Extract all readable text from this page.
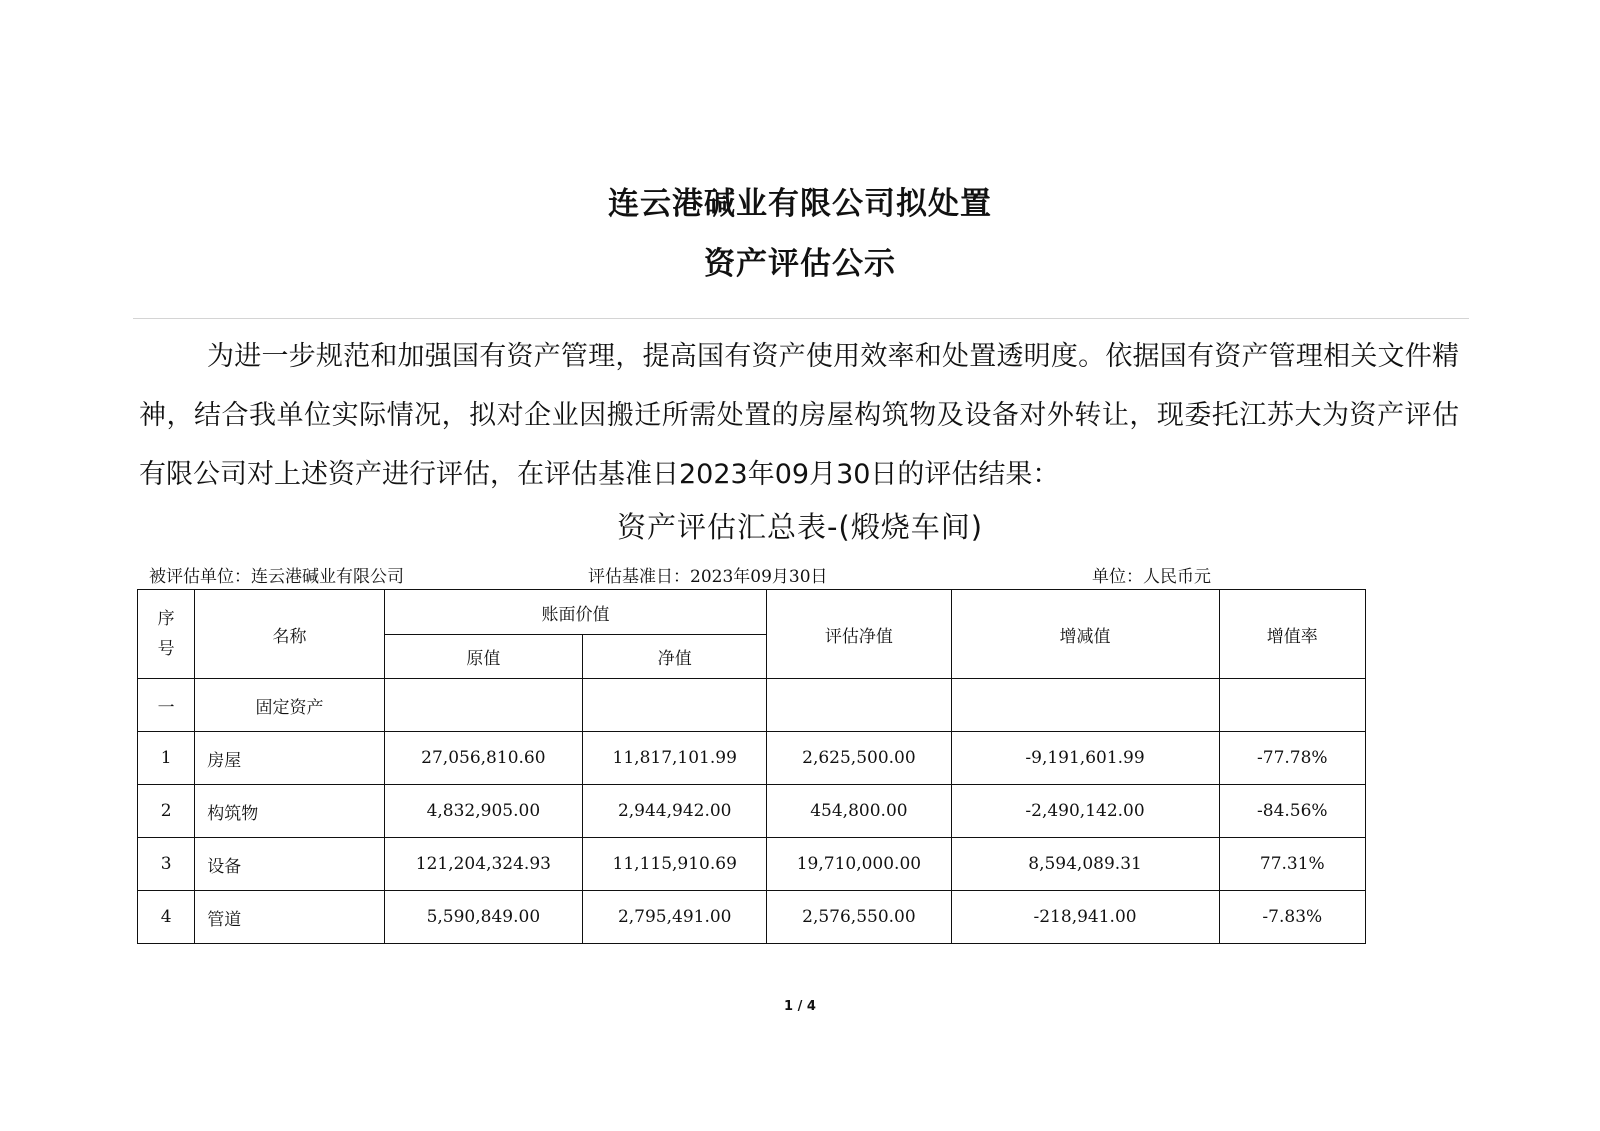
连云港碱业有限公司拟处置
资产评估公示

为进一步规范和加强国有资产管理，提高国有资产使用效率和处置透明度。依据国有资产管理相关文件精神，结合我单位实际情况，拟对企业因搬迁所需处置的房屋构筑物及设备对外转让，现委托江苏大为资产评估有限公司对上述资产进行评估，在评估基准日2023年09月30日的评估结果：

资产评估汇总表-(煅烧车间)
被评估单位：连云港碱业有限公司	评估基准日：2023年09月30日	单位：人民币元
序
号	名称	账面价值		评估净值	增减值	增值率
		原值	净值			
一	固定资产					
1	房屋	27,056,810.60	11,817,101.99	2,625,500.00	-9,191,601.99	-77.78%
2	构筑物	4,832,905.00	2,944,942.00	454,800.00	-2,490,142.00	-84.56%
3	设备	121,204,324.93	11,115,910.69	19,710,000.00	8,594,089.31	77.31%
4	管道	5,590,849.00	2,795,491.00	2,576,550.00	-218,941.00	-7.83%
1 / 4
